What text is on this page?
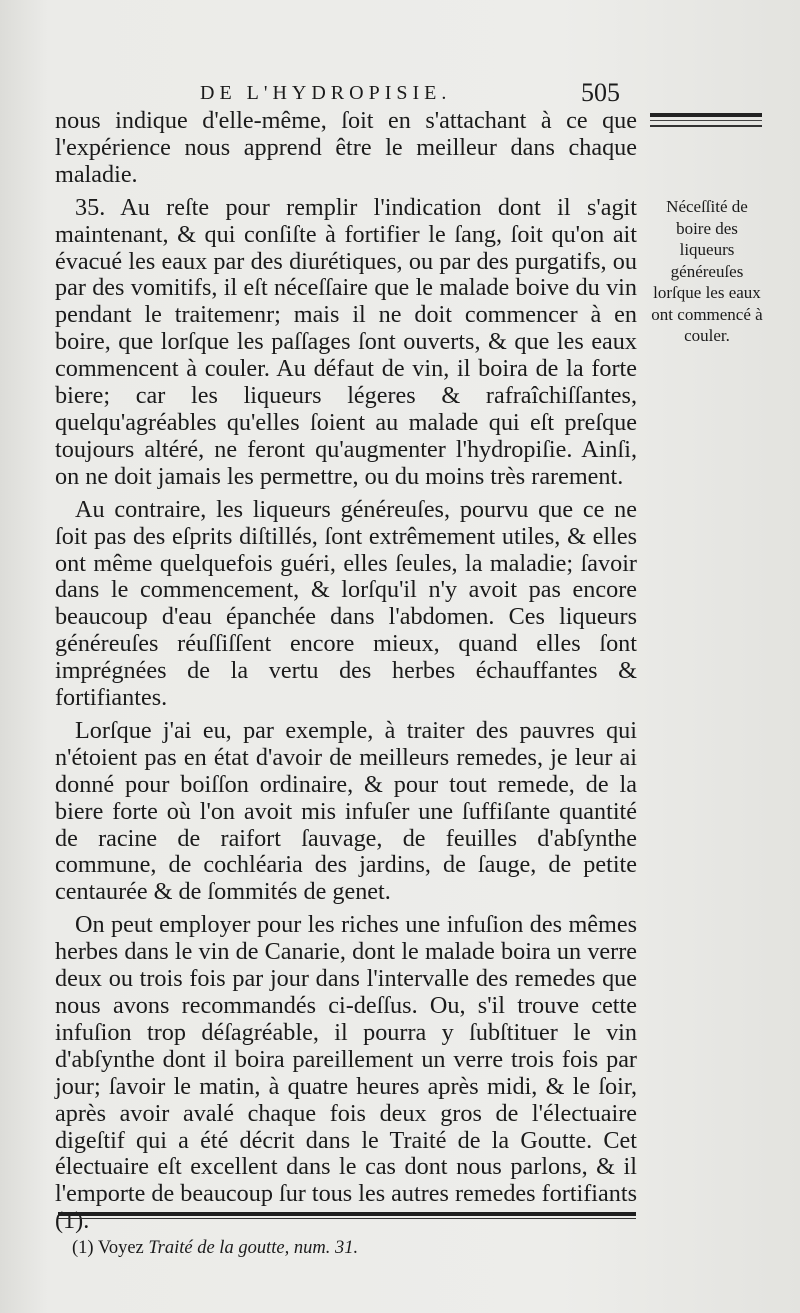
DE L'HYDROPISIE.	505

nous indique d'elle-même, ſoit en s'attachant à ce que l'expérience nous apprend être le meilleur dans chaque maladie.

35. Au reſte pour remplir l'indication dont il s'agit maintenant, & qui conſiſte à fortifier le ſang, ſoit qu'on ait évacué les eaux par des diurétiques, ou par des purgatifs, ou par des vomitifs, il eſt néceſſaire que le malade boive du vin pendant le traitemenr; mais il ne doit commencer à en boire, que lorſque les paſſages ſont ouverts, & que les eaux commencent à couler. Au défaut de vin, il boira de la forte biere; car les liqueurs légeres & rafraîchiſſantes, quelqu'agréables qu'elles ſoient au malade qui eſt preſque toujours altéré, ne feront qu'augmenter l'hydropiſie. Ainſi, on ne doit jamais les permettre, ou du moins très rarement.

Au contraire, les liqueurs généreuſes, pourvu que ce ne ſoit pas des eſprits diſtillés, ſont extrêmement utiles, & elles ont même quelquefois guéri, elles ſeules, la maladie; ſavoir dans le commencement, & lorſqu'il n'y avoit pas encore beaucoup d'eau épanchée dans l'abdomen. Ces liqueurs généreuſes réuſſiſſent encore mieux, quand elles ſont imprégnées de la vertu des herbes échauffantes & fortifiantes.

Lorſque j'ai eu, par exemple, à traiter des pauvres qui n'étoient pas en état d'avoir de meilleurs remedes, je leur ai donné pour boiſſon ordinaire, & pour tout remede, de la biere forte où l'on avoit mis infuſer une ſuffiſante quantité de racine de raifort ſauvage, de feuilles d'abſynthe commune, de cochléaria des jardins, de ſauge, de petite centaurée & de ſommités de genet.

On peut employer pour les riches une infuſion des mêmes herbes dans le vin de Canarie, dont le malade boira un verre deux ou trois fois par jour dans l'intervalle des remedes que nous avons recommandés ci-deſſus. Ou, s'il trouve cette infuſion trop déſagréable, il pourra y ſubſtituer le vin d'abſynthe dont il boira pareillement un verre trois fois par jour; ſavoir le matin, à quatre heures après midi, & le ſoir, après avoir avalé chaque fois deux gros de l'électuaire digeſtif qui a été décrit dans le Traité de la Goutte. Cet électuaire eſt excellent dans le cas dont nous parlons, & il l'emporte de beaucoup ſur tous les autres remedes fortifiants (1).

Néceſſité de boire des liqueurs généreuſes lorſque les eaux ont commencé à couler.
(1) Voyez Traité de la goutte, num. 31.
